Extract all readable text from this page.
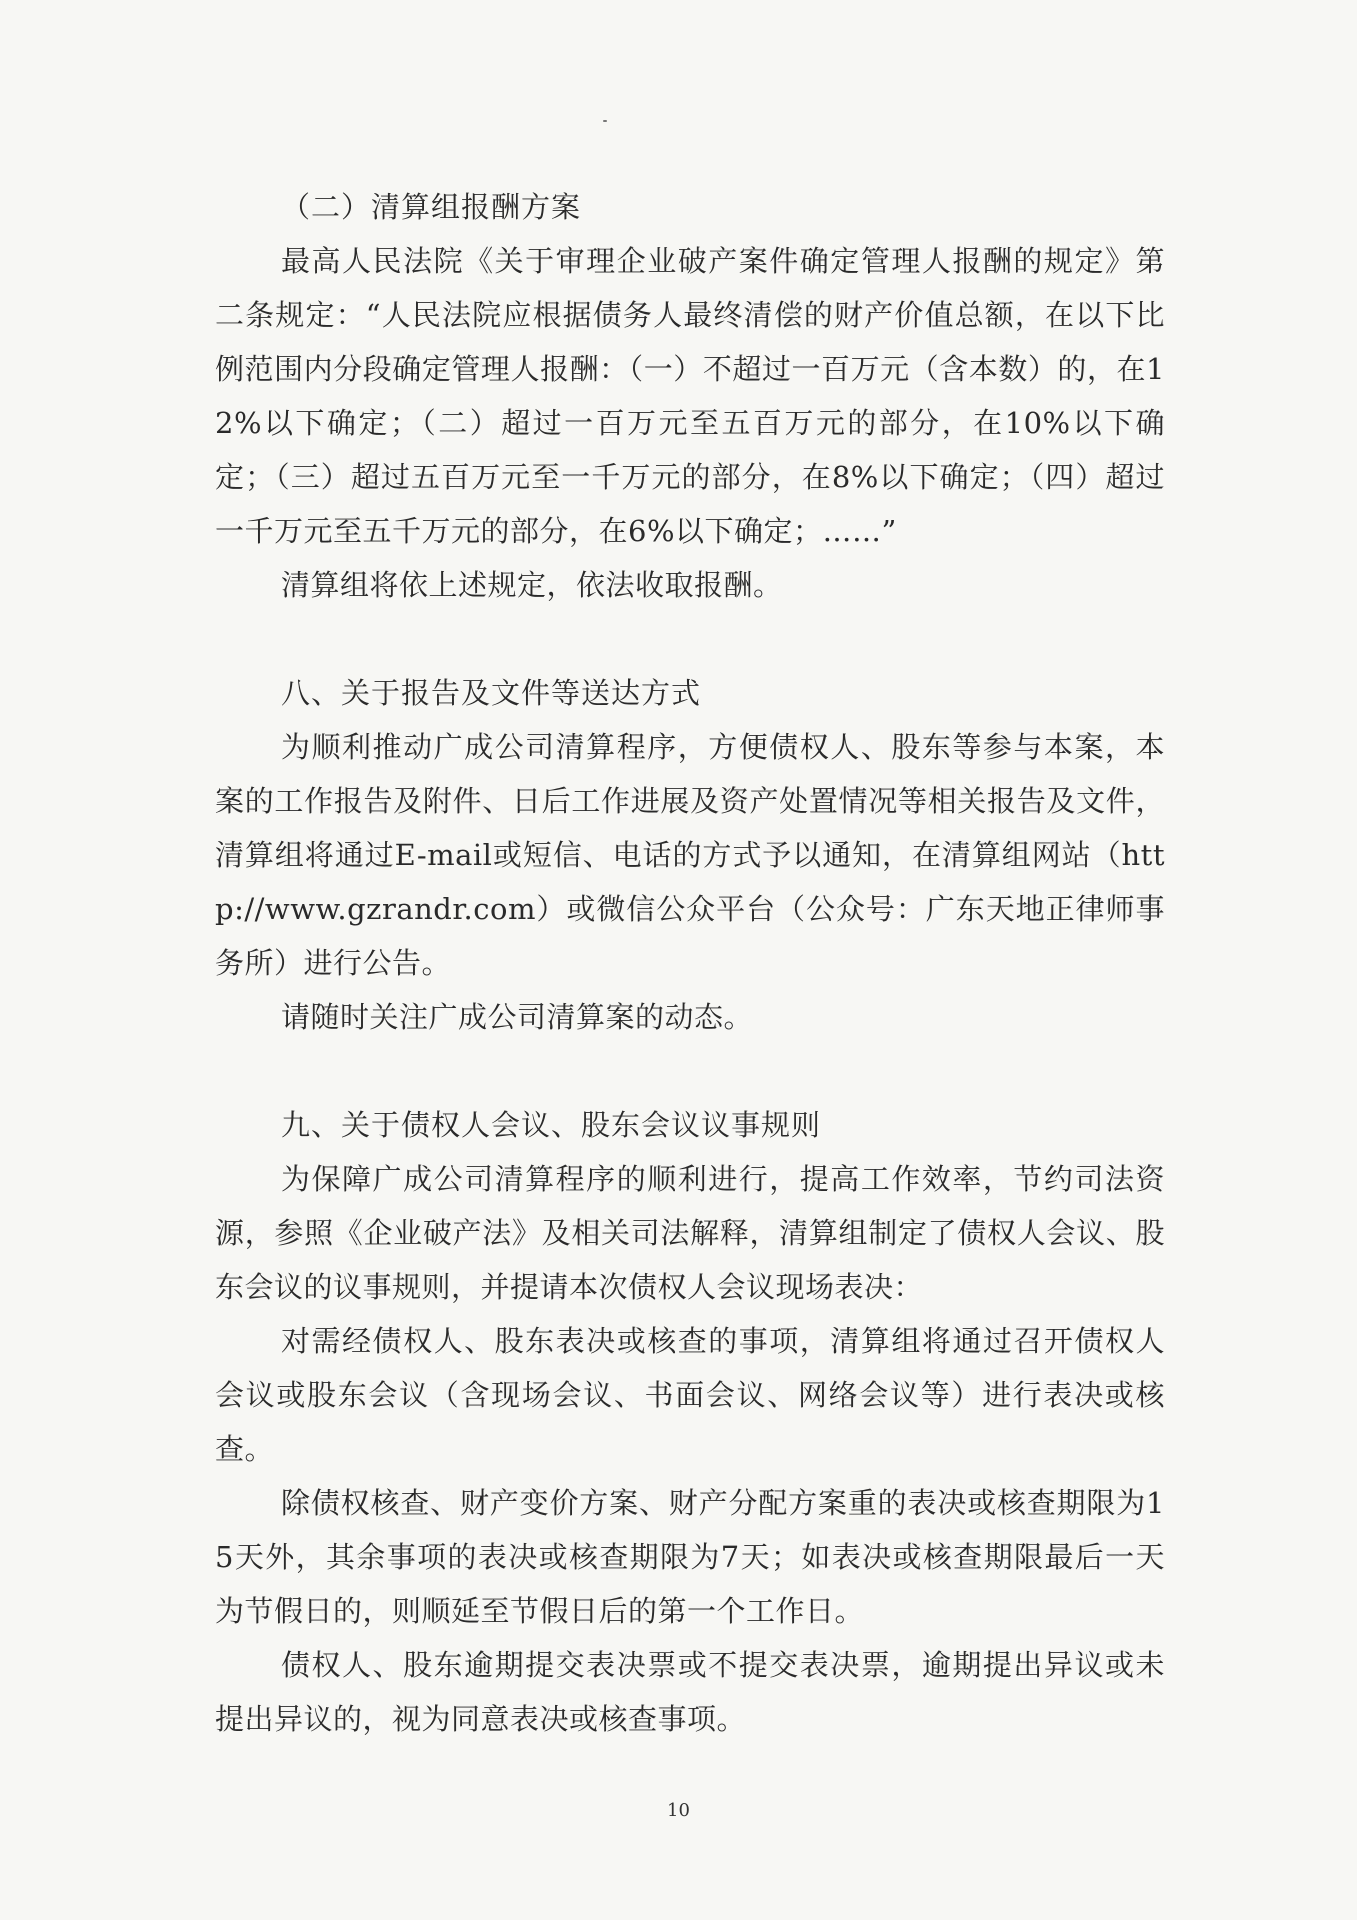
（二）清算组报酬方案

最高人民法院《关于审理企业破产案件确定管理人报酬的规定》第二条规定：“人民法院应根据债务人最终清偿的财产价值总额，在以下比例范围内分段确定管理人报酬：（一）不超过一百万元（含本数）的，在12%以下确定；（二）超过一百万元至五百万元的部分，在10%以下确定；（三）超过五百万元至一千万元的部分，在8%以下确定；（四）超过一千万元至五千万元的部分，在6%以下确定；……”

清算组将依上述规定，依法收取报酬。

八、关于报告及文件等送达方式

为顺利推动广成公司清算程序，方便债权人、股东等参与本案，本案的工作报告及附件、日后工作进展及资产处置情况等相关报告及文件，清算组将通过E-mail或短信、电话的方式予以通知，在清算组网站（http://www.gzrandr.com）或微信公众平台（公众号：广东天地正律师事务所）进行公告。

请随时关注广成公司清算案的动态。

九、关于债权人会议、股东会议议事规则

为保障广成公司清算程序的顺利进行，提高工作效率，节约司法资源，参照《企业破产法》及相关司法解释，清算组制定了债权人会议、股东会议的议事规则，并提请本次债权人会议现场表决：

对需经债权人、股东表决或核查的事项，清算组将通过召开债权人会议或股东会议（含现场会议、书面会议、网络会议等）进行表决或核查。

除债权核查、财产变价方案、财产分配方案重的表决或核查期限为15天外，其余事项的表决或核查期限为7天；如表决或核查期限最后一天为节假日的，则顺延至节假日后的第一个工作日。

债权人、股东逾期提交表决票或不提交表决票，逾期提出异议或未提出异议的，视为同意表决或核查事项。

10
